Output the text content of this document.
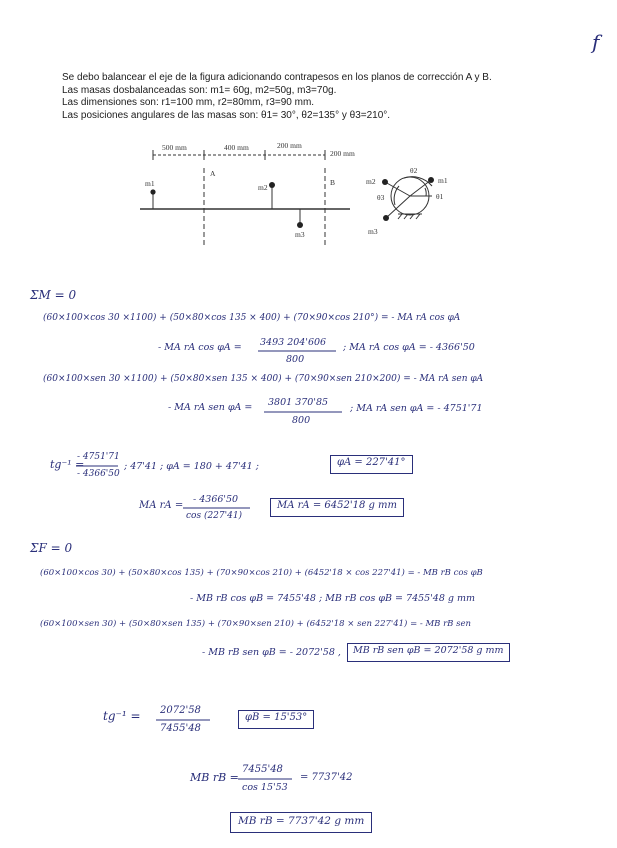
f
Se debo balancear el eje de la figura adicionando contrapesos en los planos de corrección A y B.
Las masas dosbalanceadas son: m1= 60g, m2=50g, m3=70g.
Las dimensiones son: r1=100 mm, r2=80mm, r3=90 mm.
Las posiciones angulares de las masas son: θ1= 30°, θ2=135° y θ3=210°.
500 mm	400 mm	200 mm
200 mm
A
B
m1	m2
m3
m2	m1
m3
θ2
θ3	θ1
ΣM = 0
(60×100×cos 30 ×1100) + (50×80×cos 135 × 400) + (70×90×cos 210°) = - MA rA cos φA
- MA rA cos φA = 3493 204'606
800
; MA rA cos φA = - 4366'50
(60×100×sen 30 ×1100) + (50×80×sen 135 × 400) + (70×90×sen 210×200) = - MA rA sen φA
- MA rA sen φA = 3801 370'85
800
; MA rA sen φA = - 4751'71
tg⁻¹ =
- 4751'71
- 4366'50
; 47'41 ; φA = 180 + 47'41 ;	φA = 227'41°
MA rA =
- 4366'50
cos (227'41)
MA rA = 6452'18 g mm
ΣF = 0
(60×100×cos 30) + (50×80×cos 135) + (70×90×cos 210) + (6452'18 × cos 227'41) = - MB rB cos φB
- MB rB cos φB = 7455'48 ; MB rB cos φB = 7455'48 g mm
(60×100×sen 30) + (50×80×sen 135) + (70×90×sen 210) + (6452'18 × sen 227'41) = - MB rB sen
- MB rB sen φB = - 2072'58 ,	MB rB sen φB = 2072'58 g mm
tg⁻¹ = 2072'58
7455'48
φB = 15'53°
MB rB =
7455'48
cos 15'53
= 7737'42
MB rB = 7737'42 g mm
